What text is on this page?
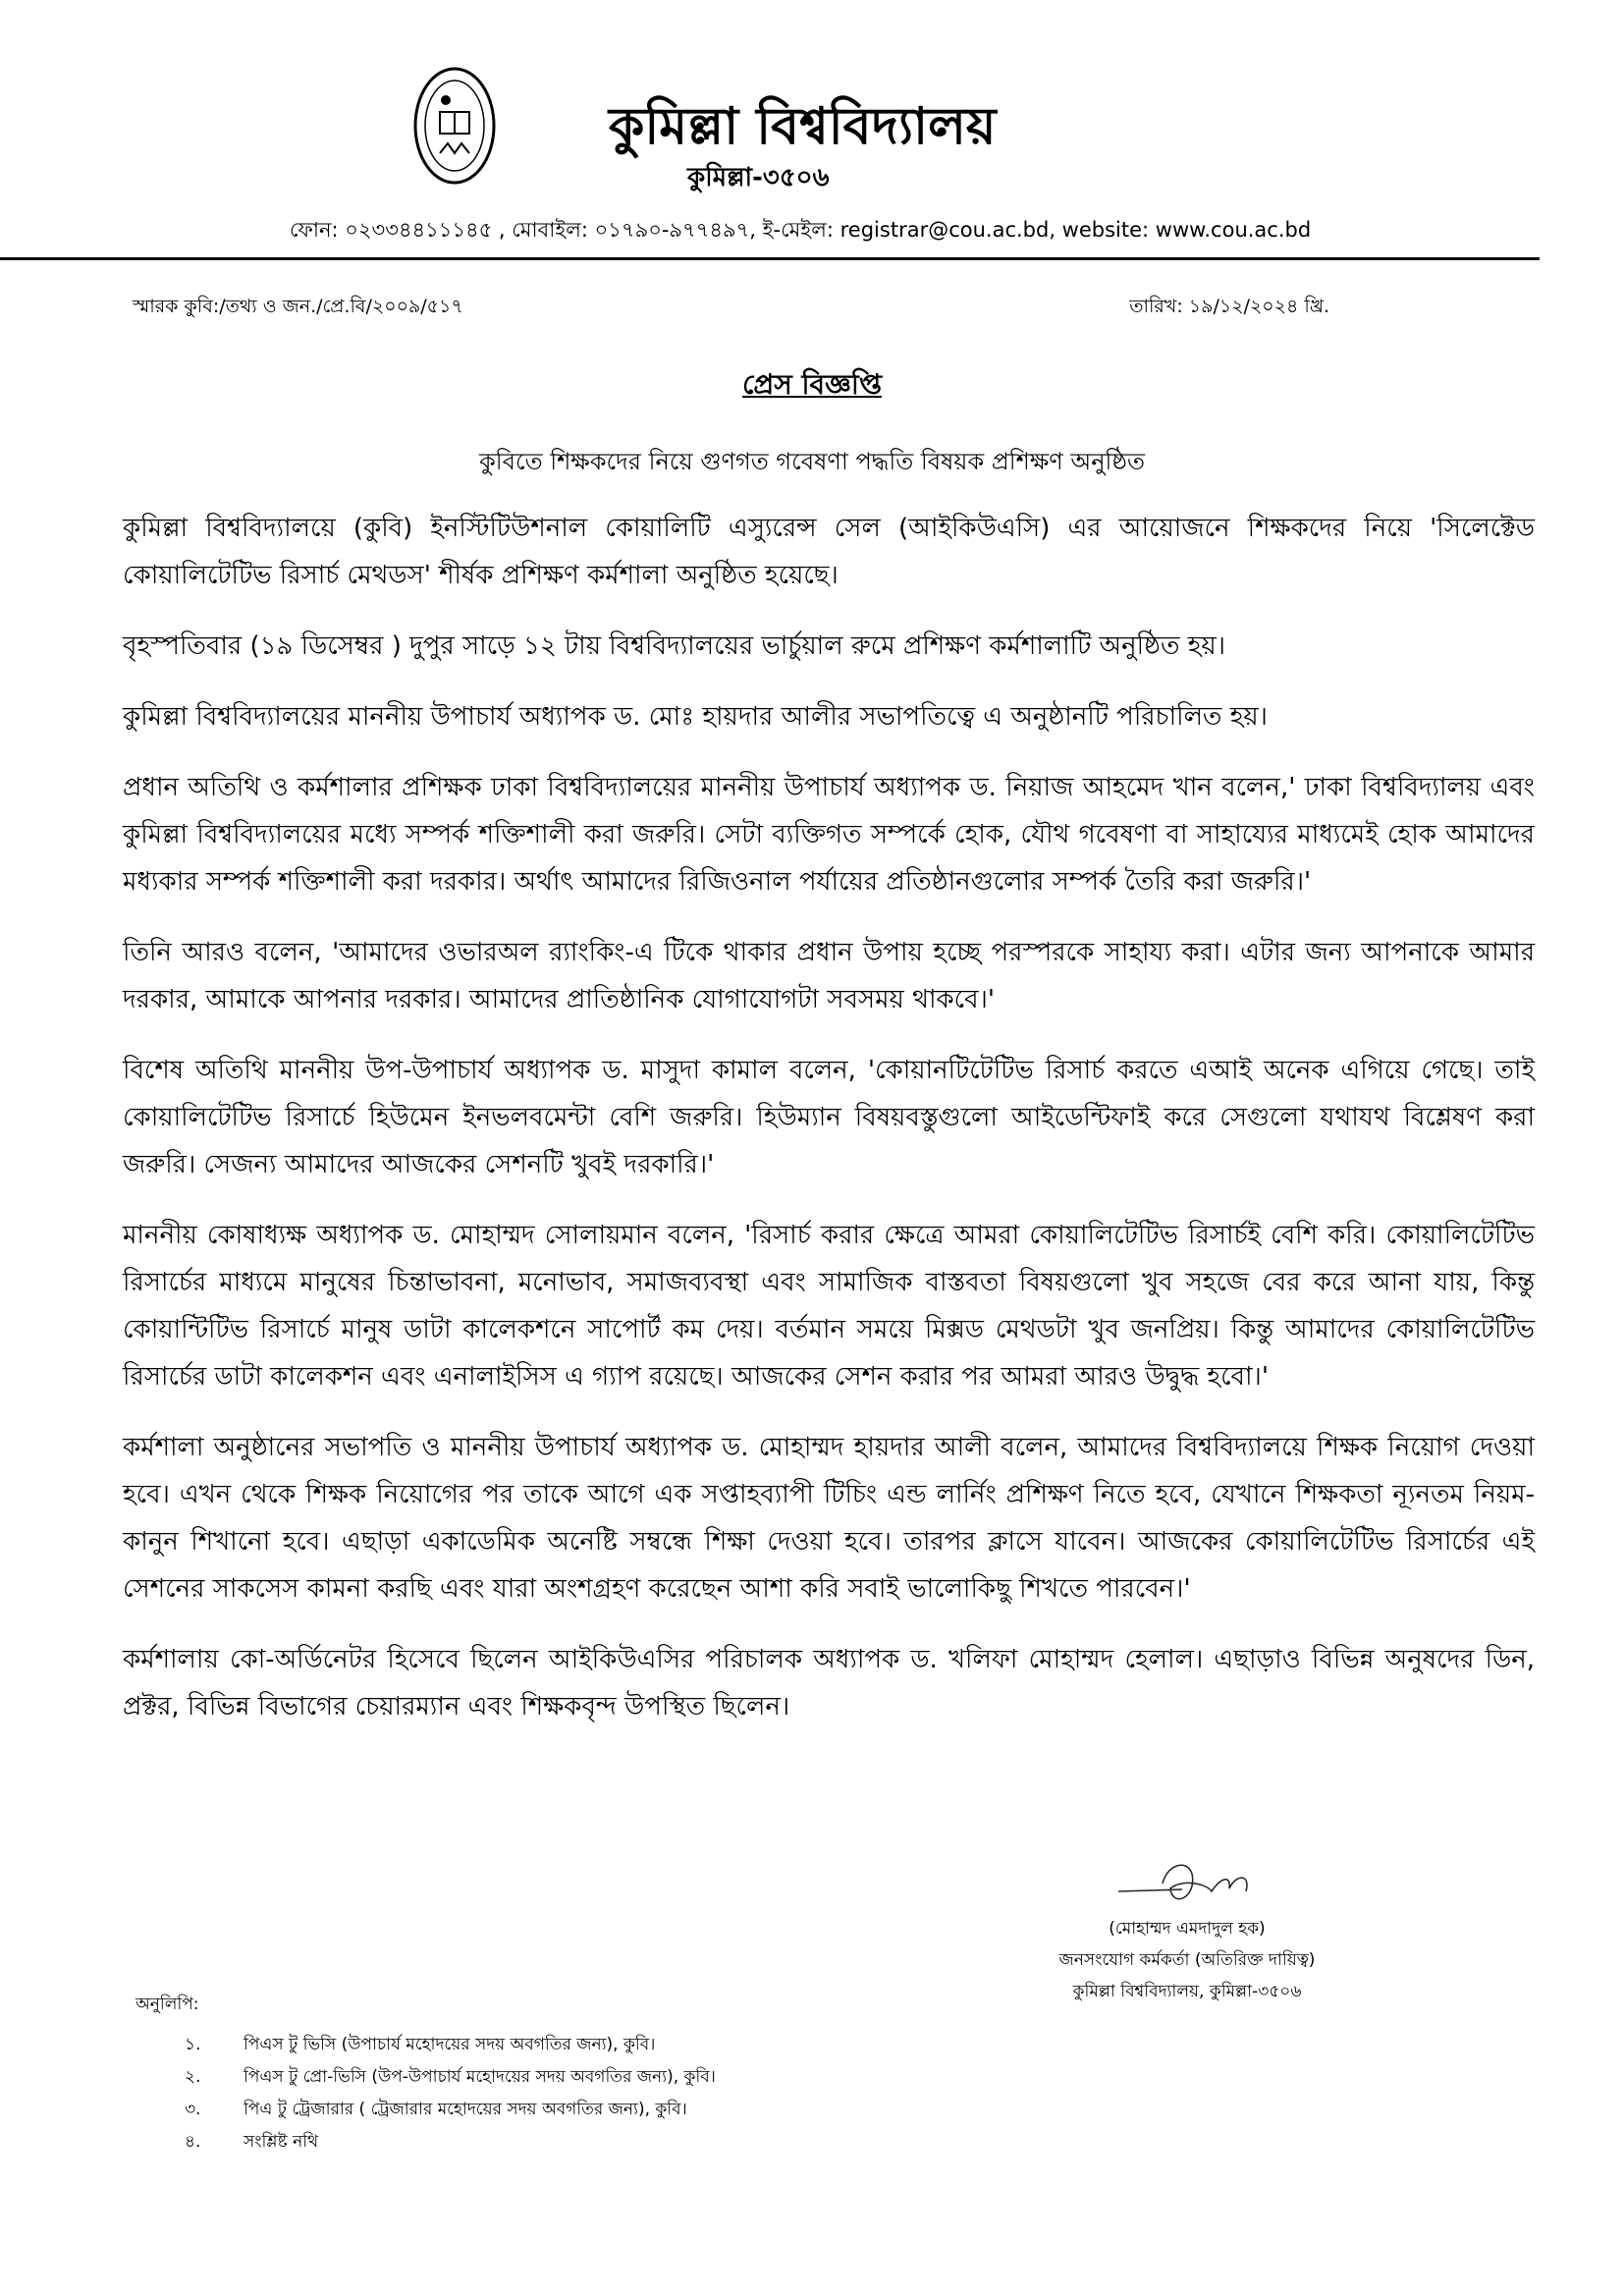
কুমিল্লা বিশ্ববিদ্যালয়
কুমিল্লা-৩৫০৬
ফোন: ০২৩৩৪৪১১১৪৫ , মোবাইল: ০১৭৯০-৯৭৭৪৯৭, ই-মেইল: registrar@cou.ac.bd, website: www.cou.ac.bd
স্মারক কুবি:/তথ্য ও জন./প্রে.বি/২০০৯/৫১৭	তারিখ: ১৯/১২/২০২৪ খ্রি.
প্রেস বিজ্ঞপ্তি
কুবিতে শিক্ষকদের নিয়ে গুণগত গবেষণা পদ্ধতি বিষয়ক প্রশিক্ষণ অনুষ্ঠিত

কুমিল্লা বিশ্ববিদ্যালয়ে (কুবি) ইনস্টিটিউশনাল কোয়ালিটি এস্যুরেন্স সেল (আইকিউএসি) এর আয়োজনে শিক্ষকদের নিয়ে 'সিলেক্টেড কোয়ালিটেটিভ রিসার্চ মেথডস' শীর্ষক প্রশিক্ষণ কর্মশালা অনুষ্ঠিত হয়েছে।

বৃহস্পতিবার (১৯ ডিসেম্বর ) দুপুর সাড়ে ১২ টায় বিশ্ববিদ্যালয়ের ভার্চুয়াল রুমে প্রশিক্ষণ কর্মশালাটি অনুষ্ঠিত হয়।

কুমিল্লা বিশ্ববিদ্যালয়ের মাননীয় উপাচার্য অধ্যাপক ড. মোঃ হায়দার আলীর সভাপতিত্বে এ অনুষ্ঠানটি পরিচালিত হয়।

প্রধান অতিথি ও কর্মশালার প্রশিক্ষক ঢাকা বিশ্ববিদ্যালয়ের মাননীয় উপাচার্য অধ্যাপক ড. নিয়াজ আহমেদ খান বলেন,' ঢাকা বিশ্ববিদ্যালয় এবং কুমিল্লা বিশ্ববিদ্যালয়ের মধ্যে সম্পর্ক শক্তিশালী করা জরুরি। সেটা ব্যক্তিগত সম্পর্কে হোক, যৌথ গবেষণা বা সাহায্যের মাধ্যমেই হোক আমাদের মধ্যকার সম্পর্ক শক্তিশালী করা দরকার। অর্থাৎ আমাদের রিজিওনাল পর্যায়ের প্রতিষ্ঠানগুলোর সম্পর্ক তৈরি করা জরুরি।'

তিনি আরও বলেন, 'আমাদের ওভারঅল র‍্যাংকিং-এ টিকে থাকার প্রধান উপায় হচ্ছে পরস্পরকে সাহায্য করা। এটার জন্য আপনাকে আমার দরকার, আমাকে আপনার দরকার। আমাদের প্রাতিষ্ঠানিক যোগাযোগটা সবসময় থাকবে।'

বিশেষ অতিথি মাননীয় উপ-উপাচার্য অধ্যাপক ড. মাসুদা কামাল বলেন, 'কোয়ানটিটেটিভ রিসার্চ করতে এআই অনেক এগিয়ে গেছে। তাই কোয়ালিটেটিভ রিসার্চে হিউমেন ইনভলবমেন্টা বেশি জরুরি। হিউম্যান বিষয়বস্তুগুলো আইডেন্টিফাই করে সেগুলো যথাযথ বিশ্লেষণ করা জরুরি। সেজন্য আমাদের আজকের সেশনটি খুবই দরকারি।'

মাননীয় কোষাধ্যক্ষ অধ্যাপক ড. মোহাম্মদ সোলায়মান বলেন, 'রিসার্চ করার ক্ষেত্রে আমরা কোয়ালিটেটিভ রিসার্চই বেশি করি। কোয়ালিটেটিভ রিসার্চের মাধ্যমে মানুষের চিন্তাভাবনা, মনোভাব, সমাজব্যবস্থা এবং সামাজিক বাস্তবতা বিষয়গুলো খুব সহজে বের করে আনা যায়, কিন্তু কোয়ান্টিটিভ রিসার্চে মানুষ ডাটা কালেকশনে সাপোর্ট কম দেয়। বর্তমান সময়ে মিক্সড মেথডটা খুব জনপ্রিয়। কিন্তু আমাদের কোয়ালিটেটিভ রিসার্চের ডাটা কালেকশন এবং এনালাইসিস এ গ্যাপ রয়েছে। আজকের সেশন করার পর আমরা আরও উদ্বুদ্ধ হবো।'

কর্মশালা অনুষ্ঠানের সভাপতি ও মাননীয় উপাচার্য অধ্যাপক ড. মোহাম্মদ হায়দার আলী বলেন, আমাদের বিশ্ববিদ্যালয়ে শিক্ষক নিয়োগ দেওয়া হবে। এখন থেকে শিক্ষক নিয়োগের পর তাকে আগে এক সপ্তাহব্যাপী টিচিং এন্ড লার্নিং প্রশিক্ষণ নিতে হবে, যেখানে শিক্ষকতা ন্যূনতম নিয়ম-কানুন শিখানো হবে। এছাড়া একাডেমিক অনেষ্টি সম্বন্ধে শিক্ষা দেওয়া হবে। তারপর ক্লাসে যাবেন। আজকের কোয়ালিটেটিভ রিসার্চের এই সেশনের সাকসেস কামনা করছি এবং যারা অংশগ্রহণ করেছেন আশা করি সবাই ভালোকিছু শিখতে পারবেন।'

কর্মশালায় কো-অর্ডিনেটর হিসেবে ছিলেন আইকিউএসির পরিচালক অধ্যাপক ড. খলিফা মোহাম্মদ হেলাল। এছাড়াও বিভিন্ন অনুষদের ডিন, প্রক্টর, বিভিন্ন বিভাগের চেয়ারম্যান এবং শিক্ষকবৃন্দ উপস্থিত ছিলেন।

(মোহাম্মদ এমদাদুল হক)
জনসংযোগ কর্মকর্তা (অতিরিক্ত দায়িত্ব)
কুমিল্লা বিশ্ববিদ্যালয়, কুমিল্লা-৩৫০৬
অনুলিপি:
১.	পিএস টু ভিসি (উপাচার্য মহোদয়ের সদয় অবগতির জন্য), কুবি।
২.	পিএস টু প্রো-ভিসি (উপ-উপাচার্য মহোদয়ের সদয় অবগতির জন্য), কুবি।
৩.	পিএ টু ট্রেজারার ( ট্রেজারার মহোদয়ের সদয় অবগতির জন্য), কুবি।
৪.	সংশ্লিষ্ট নথি
